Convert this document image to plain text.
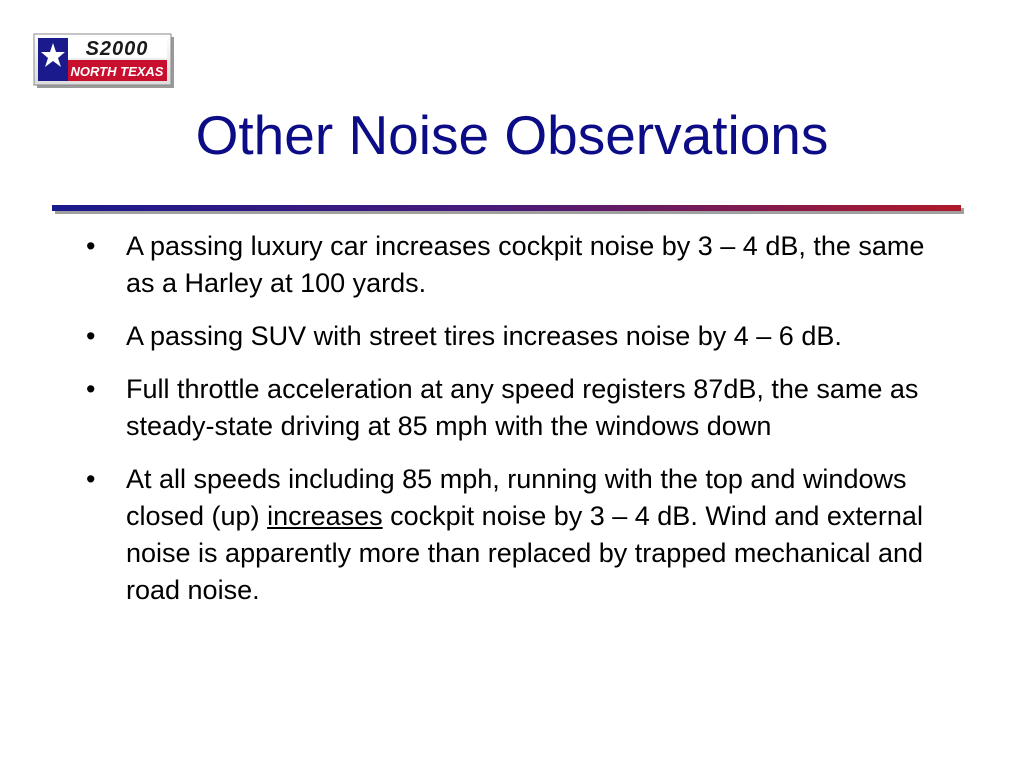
S2000
NORTH TEXAS
Other Noise Observations
• A passing luxury car increases cockpit noise by 3 – 4 dB, the same as a Harley at 100 yards.
• A passing SUV with street tires increases noise by 4 – 6 dB.
• Full throttle acceleration at any speed registers 87dB, the same as steady-state driving at 85 mph with the windows down
• At all speeds including 85 mph, running with the top and windows closed (up) increases cockpit noise by 3 – 4 dB. Wind and external noise is apparently more than replaced by trapped mechanical and road noise.
